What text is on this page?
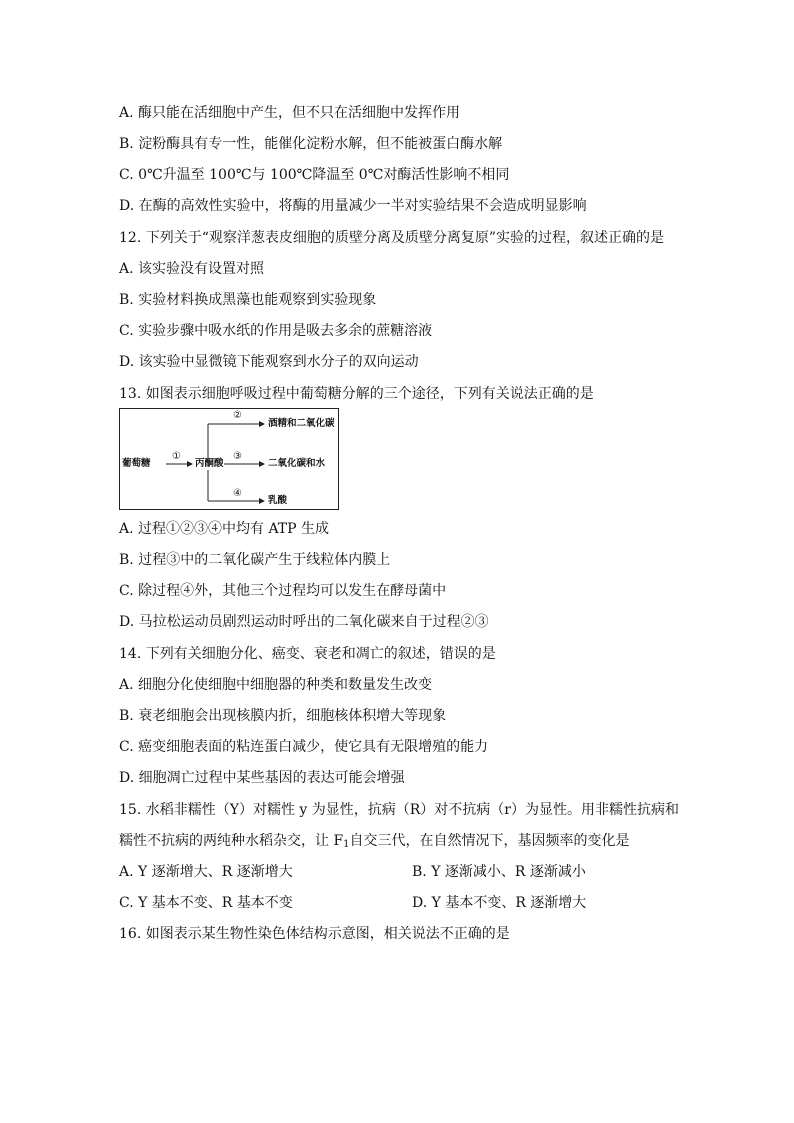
A. 酶只能在活细胞中产生，但不只在活细胞中发挥作用
B. 淀粉酶具有专一性，能催化淀粉水解，但不能被蛋白酶水解
C. 0℃升温至 100℃与 100℃降温至 0℃对酶活性影响不相同
D. 在酶的高效性实验中，将酶的用量减少一半对实验结果不会造成明显影响
12. 下列关于“观察洋葱表皮细胞的质壁分离及质壁分离复原”实验的过程，叙述正确的是
A. 该实验没有设置对照
B. 实验材料换成黑藻也能观察到实验现象
C. 实验步骤中吸水纸的作用是吸去多余的蔗糖溶液
D. 该实验中显微镜下能观察到水分子的双向运动
13. 如图表示细胞呼吸过程中葡萄糖分解的三个途径，下列有关说法正确的是
葡萄糖
①
丙酮酸
②
酒精和二氧化碳
③
二氧化碳和水
④
乳酸
A. 过程①②③④中均有 ATP 生成
B. 过程③中的二氧化碳产生于线粒体内膜上
C. 除过程④外，其他三个过程均可以发生在酵母菌中
D. 马拉松运动员剧烈运动时呼出的二氧化碳来自于过程②③
14. 下列有关细胞分化、癌变、衰老和凋亡的叙述，错误的是
A. 细胞分化使细胞中细胞器的种类和数量发生改变
B. 衰老细胞会出现核膜内折，细胞核体积增大等现象
C. 癌变细胞表面的粘连蛋白减少，使它具有无限增殖的能力
D. 细胞凋亡过程中某些基因的表达可能会增强
15. 水稻非糯性（Y）对糯性 y 为显性，抗病（R）对不抗病（r）为显性。用非糯性抗病和
糯性不抗病的两纯种水稻杂交，让 $F_1$自交三代，在自然情况下，基因频率的变化是
A. Y 逐渐增大、R 逐渐增大	B. Y 逐渐减小、R 逐渐减小
C. Y 基本不变、R 基本不变	D. Y 基本不变、R 逐渐增大
16. 如图表示某生物性染色体结构示意图，相关说法不正确的是
